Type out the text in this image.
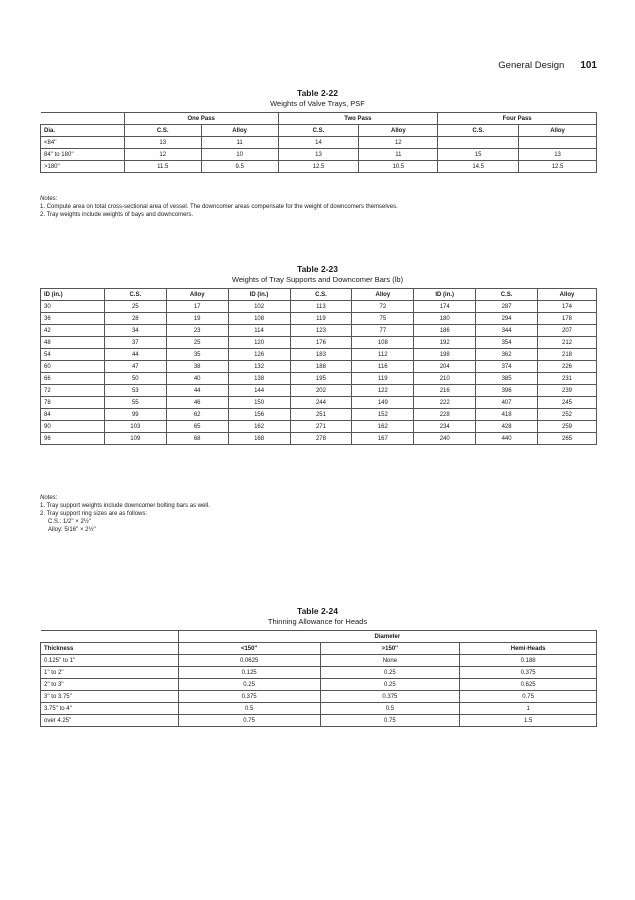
General Design 101
Table 2-22
Weights of Valve Trays, PSF
	One Pass		Two Pass		Four Pass	
Dia.	C.S.	Alloy	C.S.	Alloy	C.S.	Alloy
<84''	13	11	14	12		
84'' to 180''	12	10	13	11	15	13
>180''	11.5	9.5	12.5	10.5	14.5	12.5
Notes:
1. Compute area on total cross-sectional area of vessel. The downcomer areas compensate for the weight of downcomers themselves.
2. Tray weights include weights of bays and downcomers.
Table 2-23
Weights of Tray Supports and Downcomer Bars (lb)
ID (in.)	C.S.	Alloy	ID (in.)	C.S.	Alloy	ID (in.)	C.S.	Alloy
30	25	17	102	113	72	174	287	174
36	28	19	108	119	75	180	294	178
42	34	23	114	123	77	186	344	207
48	37	25	120	176	108	192	354	212
54	44	35	126	183	112	198	362	218
60	47	38	132	188	116	204	374	226
66	50	40	138	195	119	210	385	231
72	53	44	144	202	122	216	396	239
78	55	46	150	244	149	222	407	245
84	99	62	156	251	152	228	418	252
90	103	65	162	271	162	234	428	259
96	109	68	168	278	167	240	440	265
Notes:
1. Tray support weights include downcomer bolting bars as well.
2. Tray support ring sizes are as follows:
C.S.: 1/2'' × 2½''
Alloy: 5/16'' × 2½''
Table 2-24
Thinning Allowance for Heads
	Diameter		
Thickness	<150''	>150''	Hemi-Heads
0.125'' to 1''	0.0625	None	0.188
1'' to 2''	0.125	0.25	0.375
2'' to 3''	0.25	0.25	0.625
3'' to 3.75''	0.375	0.375	0.75
3.75'' to 4''	0.5	0.5	1
over 4.25''	0.75	0.75	1.5
